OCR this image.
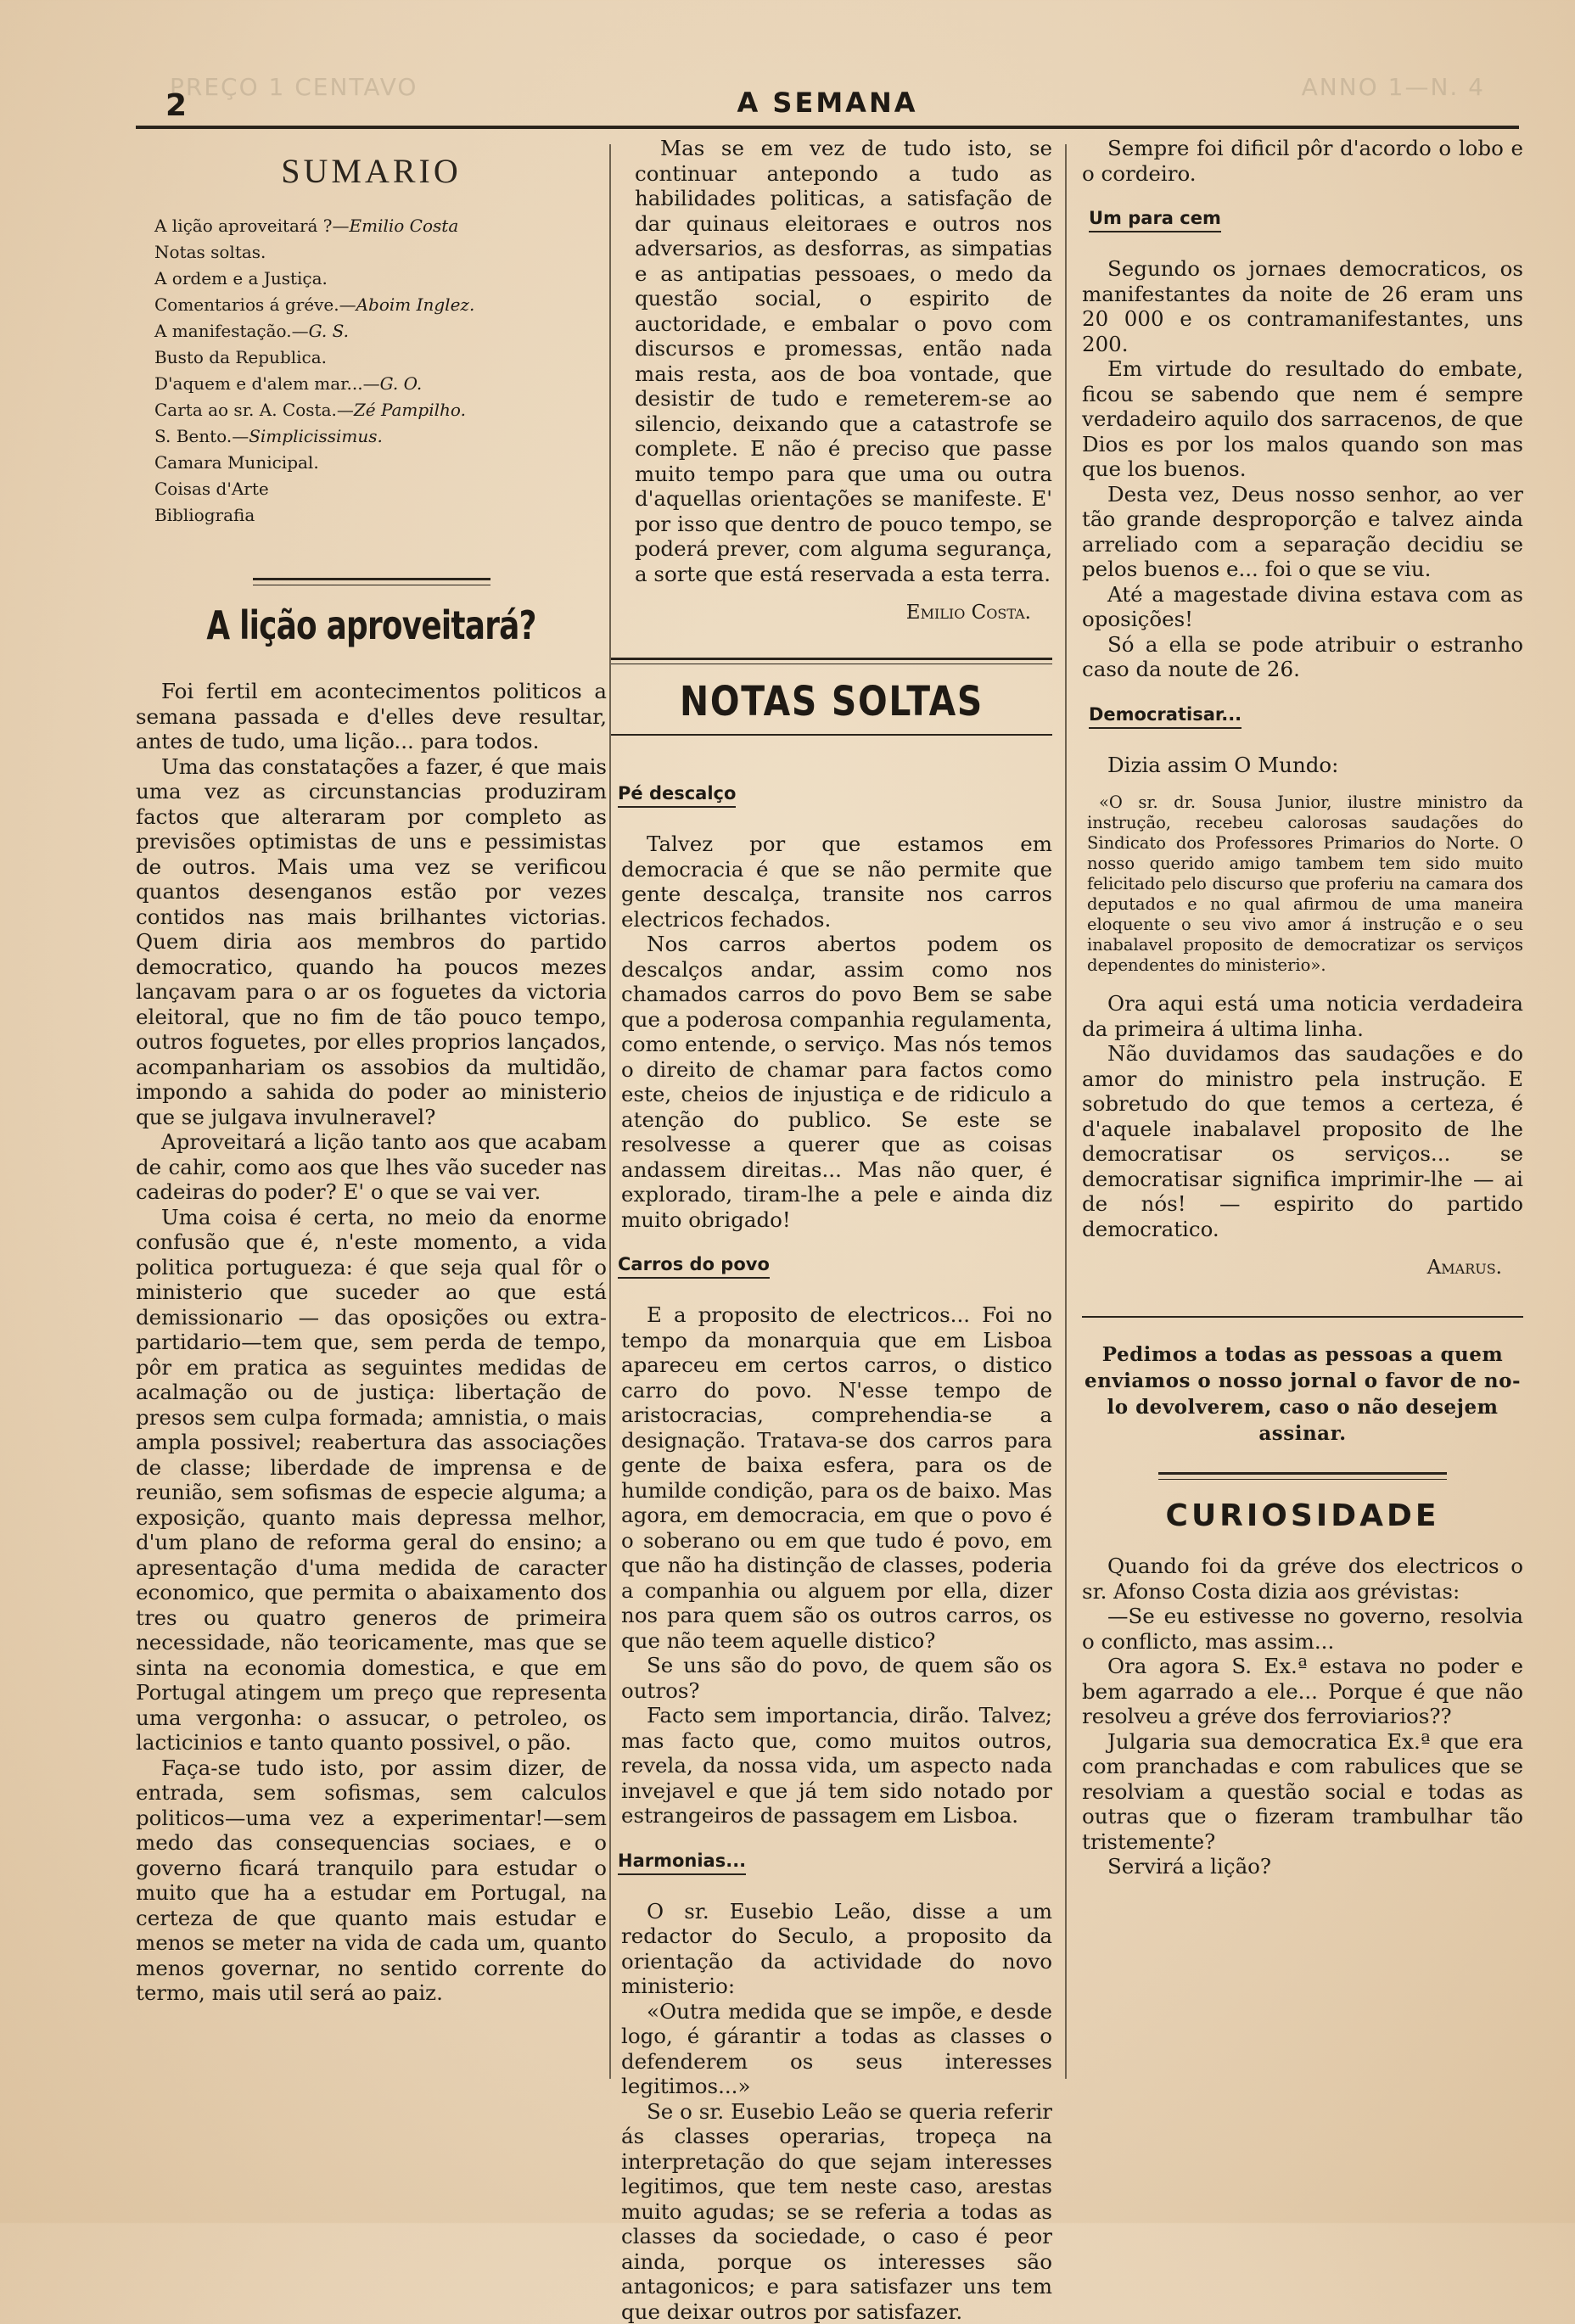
PREÇO 1 CENTAVO	ANNO 1—N. 4
2	A SEMANA
SUMARIO
A lição aproveitará ?—Emilio Costa
Notas soltas.
A ordem e a Justiça.
Comentarios á gréve.—Aboim Inglez.
A manifestação.—G. S.
Busto da Republica.
D'aquem e d'alem mar...—G. O.
Carta ao sr. A. Costa.—Zé Pampilho.
S. Bento.—Simplicissimus.
Camara Municipal.
Coisas d'Arte
Bibliografia
A lição aproveitará?

Foi fertil em acontecimentos politicos a semana passada e d'elles deve resultar, antes de tudo, uma lição... para todos.

Uma das constatações a fazer, é que mais uma vez as circunstancias produziram factos que alteraram por completo as previsões optimistas de uns e pessimistas de outros. Mais uma vez se verificou quantos desenganos estão por vezes contidos nas mais brilhantes victorias. Quem diria aos membros do partido democratico, quando ha poucos mezes lançavam para o ar os foguetes da victoria eleitoral, que no fim de tão pouco tempo, outros foguetes, por elles proprios lançados, acompanhariam os assobios da multidão, impondo a sahida do poder ao ministerio que se julgava invulneravel?

Aproveitará a lição tanto aos que acabam de cahir, como aos que lhes vão suceder nas cadeiras do poder? E' o que se vai ver.

Uma coisa é certa, no meio da enorme confusão que é, n'este momento, a vida politica portugueza: é que seja qual fôr o ministerio que suceder ao que está demissionario — das oposições ou extra-partidario—tem que, sem perda de tempo, pôr em pratica as seguintes medidas de acalmação ou de justiça: libertação de presos sem culpa formada; amnistia, o mais ampla possivel; reabertura das associações de classe; liberdade de imprensa e de reunião, sem sofismas de especie alguma; a exposição, quanto mais depressa melhor, d'um plano de reforma geral do ensino; a apresentação d'uma medida de caracter economico, que permita o abaixamento dos tres ou quatro generos de primeira necessidade, não teoricamente, mas que se sinta na economia domestica, e que em Portugal atingem um preço que representa uma vergonha: o assucar, o petroleo, os lacticinios e tanto quanto possivel, o pão.

Faça-se tudo isto, por assim dizer, de entrada, sem sofismas, sem calculos politicos—uma vez a experimentar!—sem medo das consequencias sociaes, e o governo ficará tranquilo para estudar o muito que ha a estudar em Portugal, na certeza de que quanto mais estudar e menos se meter na vida de cada um, quanto menos governar, no sentido corrente do termo, mais util será ao paiz.

Mas se em vez de tudo isto, se continuar antepondo a tudo as habilidades politicas, a satisfação de dar quinaus eleitoraes e outros nos adversarios, as desforras, as simpatias e as antipatias pessoaes, o medo da questão social, o espirito de auctoridade, e embalar o povo com discursos e promessas, então nada mais resta, aos de boa vontade, que desistir de tudo e remeterem-se ao silencio, deixando que a catastrofe se complete. E não é preciso que passe muito tempo para que uma ou outra d'aquellas orientações se manifeste. E' por isso que dentro de pouco tempo, se poderá prever, com alguma segurança, a sorte que está reservada a esta terra.

Emilio Costa.
NOTAS SOLTAS
Pé descalço

Talvez por que estamos em democracia é que se não permite que gente descalça, transite nos carros electricos fechados.

Nos carros abertos podem os descalços andar, assim como nos chamados carros do povo Bem se sabe que a poderosa companhia regulamenta, como entende, o serviço. Mas nós temos o direito de chamar para factos como este, cheios de injustiça e de ridiculo a atenção do publico. Se este se resolvesse a querer que as coisas andassem direitas... Mas não quer, é explorado, tiram-lhe a pele e ainda diz muito obrigado!

Carros do povo

E a proposito de electricos... Foi no tempo da monarquia que em Lisboa apareceu em certos carros, o distico carro do povo. N'esse tempo de aristocracias, comprehendia-se a designação. Tratava-se dos carros para gente de baixa esfera, para os de humilde condição, para os de baixo. Mas agora, em democracia, em que o povo é o soberano ou em que tudo é povo, em que não ha distinção de classes, poderia a companhia ou alguem por ella, dizer nos para quem são os outros carros, os que não teem aquelle distico?

Se uns são do povo, de quem são os outros?

Facto sem importancia, dirão. Talvez; mas facto que, como muitos outros, revela, da nossa vida, um aspecto nada invejavel e que já tem sido notado por estrangeiros de passagem em Lisboa.

Harmonias...

O sr. Eusebio Leão, disse a um redactor do Seculo, a proposito da orientação da actividade do novo ministerio:

«Outra medida que se impõe, e desde logo, é gárantir a todas as classes o defenderem os seus interesses legitimos...»

Se o sr. Eusebio Leão se queria referir ás classes operarias, tropeça na interpretação do que sejam interesses legitimos, que tem neste caso, arestas muito agudas; se se referia a todas as classes da sociedade, o caso é peor ainda, porque os interesses são antagonicos; e para satisfazer uns tem que deixar outros por satisfazer.

Sempre foi dificil pôr d'acordo o lobo e o cordeiro.

Um para cem

Segundo os jornaes democraticos, os manifestantes da noite de 26 eram uns 20 000 e os contramanifestantes, uns 200.

Em virtude do resultado do embate, ficou se sabendo que nem é sempre verdadeiro aquilo dos sarracenos, de que Dios es por los malos quando son mas que los buenos.

Desta vez, Deus nosso senhor, ao ver tão grande desproporção e talvez ainda arreliado com a separação decidiu se pelos buenos e... foi o que se viu.

Até a magestade divina estava com as oposições!

Só a ella se pode atribuir o estranho caso da noute de 26.

Democratisar...

Dizia assim O Mundo:

«O sr. dr. Sousa Junior, ilustre ministro da instrução, recebeu calorosas saudações do Sindicato dos Professores Primarios do Norte. O nosso querido amigo tambem tem sido muito felicitado pelo discurso que proferiu na camara dos deputados e no qual afirmou de uma maneira eloquente o seu vivo amor á instrução e o seu inabalavel proposito de democratizar os serviços dependentes do ministerio».

Ora aqui está uma noticia verdadeira da primeira á ultima linha.

Não duvidamos das saudações e do amor do ministro pela instrução. E sobretudo do que temos a certeza, é d'aquele inabalavel proposito de lhe democratisar os serviços... se democratisar significa imprimir-lhe — ai de nós! — espirito do partido democratico.

Amarus.
Pedimos a todas as pessoas a quem enviamos o nosso jornal o favor de no-lo devolverem, caso o não desejem assinar.
CURIOSIDADE

Quando foi da gréve dos electricos o sr. Afonso Costa dizia aos grévistas:

—Se eu estivesse no governo, resolvia o conflicto, mas assim...

Ora agora S. Ex.ª estava no poder e bem agarrado a ele... Porque é que não resolveu a gréve dos ferroviarios??

Julgaria sua democratica Ex.ª que era com pranchadas e com rabulices que se resolviam a questão social e todas as outras que o fizeram trambulhar tão tristemente?

Servirá a lição?
